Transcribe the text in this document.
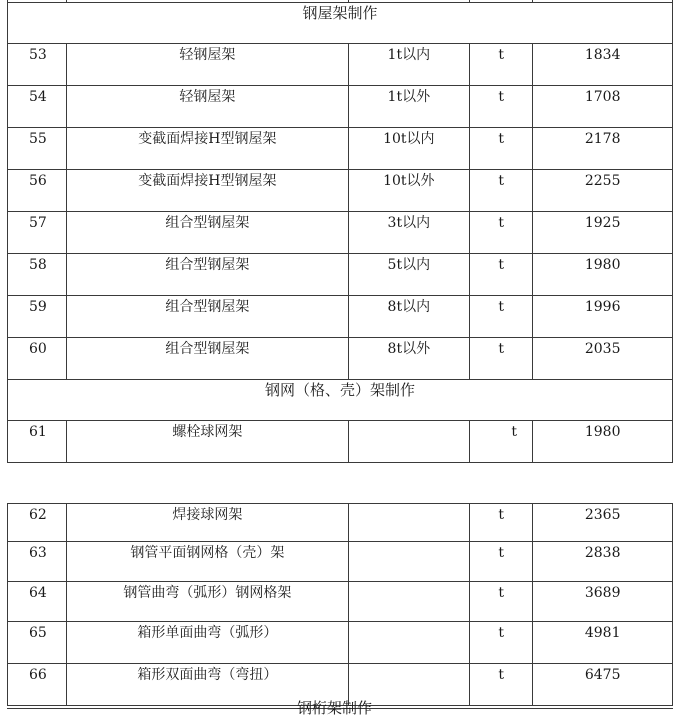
钢屋架制作				
53	轻钢屋架	1t以内	t	1834
54	轻钢屋架	1t以外	t	1708
55	变截面焊接H型钢屋架	10t以内	t	2178
56	变截面焊接H型钢屋架	10t以外	t	2255
57	组合型钢屋架	3t以内	t	1925
58	组合型钢屋架	5t以内	t	1980
59	组合型钢屋架	8t以内	t	1996
60	组合型钢屋架	8t以外	t	2035
钢网（格、壳）架制作				
61	螺栓球网架		t	1980
62	焊接球网架		t	2365
63	钢管平面钢网格（壳）架		t	2838
64	钢管曲弯（弧形）钢网格架		t	3689
65	箱形单面曲弯（弧形）		t	4981
66	箱形双面曲弯（弯扭）		t	6475
钢桁架制作
